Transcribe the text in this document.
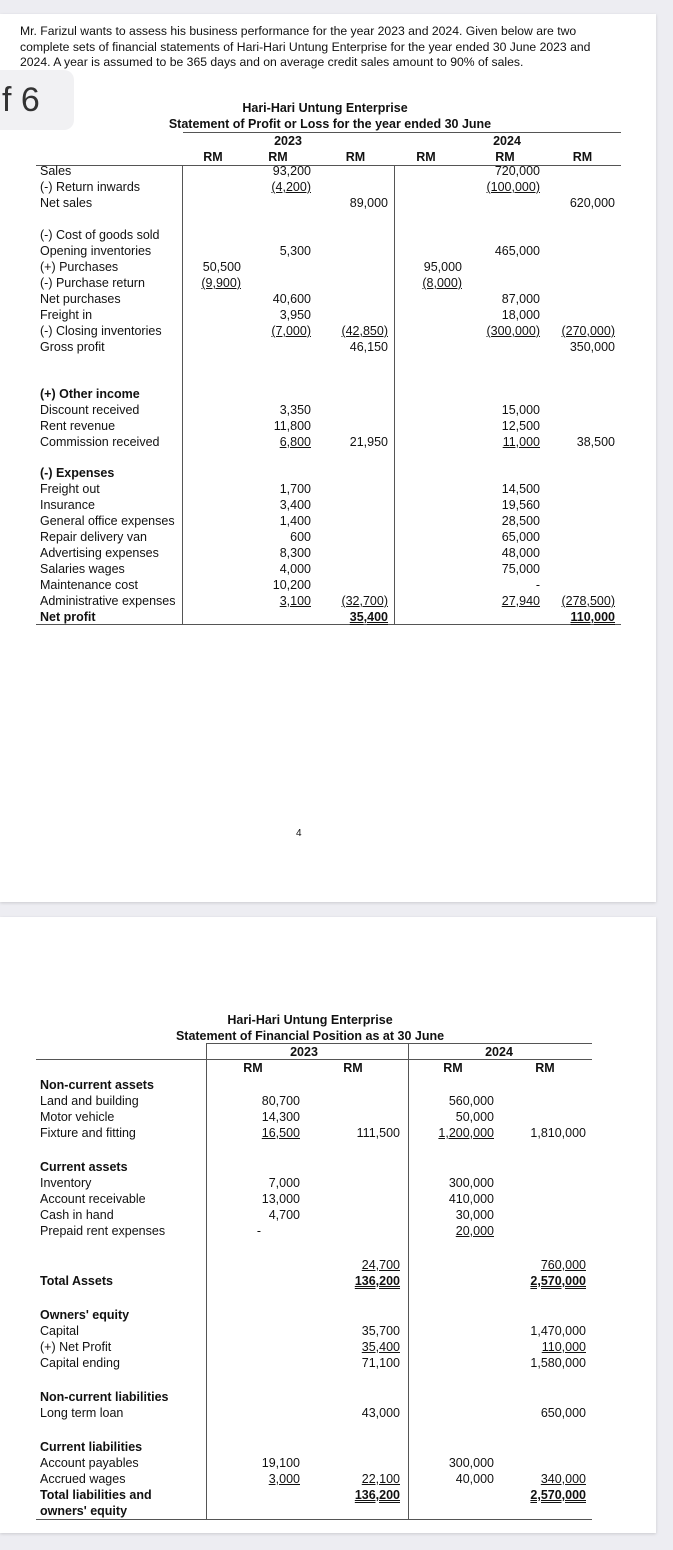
Mr. Farizul wants to assess his business performance for the year 2023 and 2024. Given below are two complete sets of financial statements of Hari-Hari Untung Enterprise for the year ended 30 June 2023 and 2024. A year is assumed to be 365 days and on average credit sales amount to 90% of sales.
f 6	Hari-Hari Untung Enterprise
Statement of Profit or Loss for the year ended 30 June
2023	2024
RM	RM	RM	RM	RM	RM
Sales	93,200	720,000
(-) Return inwards	(4,200)	(100,000)
Net sales	89,000	620,000
(-) Cost of goods sold
Opening inventories	5,300	465,000
(+) Purchases	50,500	95,000
(-) Purchase return	(9,900)	(8,000)
Net purchases	40,600	87,000
Freight in	3,950	18,000
(-) Closing inventories	(7,000)	(42,850)	(300,000)	(270,000)
Gross profit	46,150	350,000
(+) Other income
Discount received	3,350	15,000
Rent revenue	11,800	12,500
Commission received	6,800	21,950	11,000	38,500
(-) Expenses
Freight out	1,700	14,500
Insurance	3,400	19,560
General office expenses	1,400	28,500
Repair delivery van	600	65,000
Advertising expenses	8,300	48,000
Salaries wages	4,000	75,000
Maintenance cost	10,200	-
Administrative expenses	3,100	(32,700)	27,940	(278,500)
Net profit	35,400	110,000
4
Hari-Hari Untung Enterprise
Statement of Financial Position as at 30 June
2023	2024
RM	RM	RM	RM
Non-current assets
Land and building	80,700	560,000
Motor vehicle	14,300	50,000
Fixture and fitting	16,500	111,500	1,200,000	1,810,000
Current assets
Inventory	7,000	300,000
Account receivable	13,000	410,000
Cash in hand	4,700	30,000
Prepaid rent expenses	-	20,000
24,700	760,000
Total Assets	136,200	2,570,000
Owners' equity
Capital	35,700	1,470,000
(+) Net Profit	35,400	110,000
Capital ending	71,100	1,580,000
Non-current liabilities
Long term loan	43,000	650,000
Current liabilities
Account payables	19,100	300,000
Accrued wages	3,000	22,100	40,000	340,000
Total liabilities and	136,200	2,570,000
owners' equity
